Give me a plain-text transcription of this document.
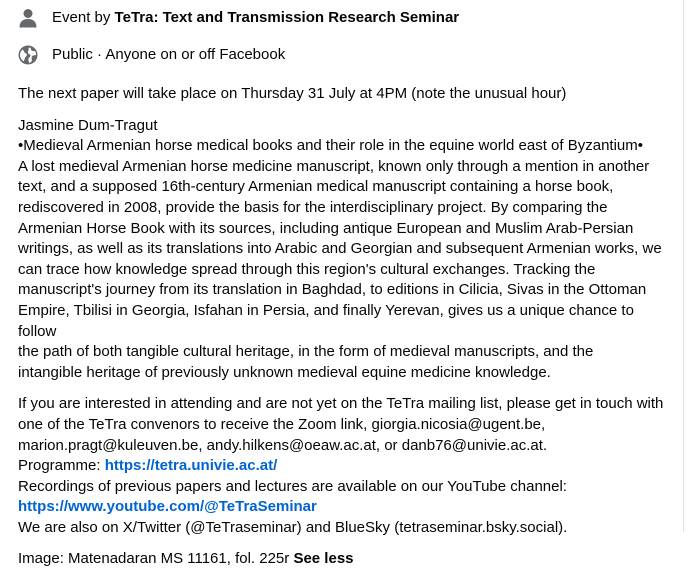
Event by TeTra: Text and Transmission Research Seminar
Public · Anyone on or off Facebook

The next paper will take place on Thursday 31 July at 4PM (note the unusual hour)

Jasmine Dum-Tragut

•Medieval Armenian horse medical books and their role in the equine world east of Byzantium•

A lost medieval Armenian horse medicine manuscript, known only through a mention in another

text, and a supposed 16th-century Armenian medical manuscript containing a horse book,

rediscovered in 2008, provide the basis for the interdisciplinary project. By comparing the

Armenian Horse Book with its sources, including antique European and Muslim Arab-Persian

writings, as well as its translations into Arabic and Georgian and subsequent Armenian works, we

can trace how knowledge spread through this region's cultural exchanges. Tracking the

manuscript's journey from its translation in Baghdad, to editions in Cilicia, Sivas in the Ottoman

Empire, Tbilisi in Georgia, Isfahan in Persia, and finally Yerevan, gives us a unique chance to follow

the path of both tangible cultural heritage, in the form of medieval manuscripts, and the

intangible heritage of previously unknown medieval equine medicine knowledge.

If you are interested in attending and are not yet on the TeTra mailing list, please get in touch with

one of the TeTra convenors to receive the Zoom link, giorgia.nicosia@ugent.be,

marion.pragt@kuleuven.be, andy.hilkens@oeaw.ac.at, or danb76@univie.ac.at.

Programme: https://tetra.univie.ac.at/

Recordings of previous papers and lectures are available on our YouTube channel:

https://www.youtube.com/@TeTraSeminar

We are also on X/Twitter (@TeTraseminar) and BlueSky (tetraseminar.bsky.social).

Image: Matenadaran MS 11161, fol. 225r See less
